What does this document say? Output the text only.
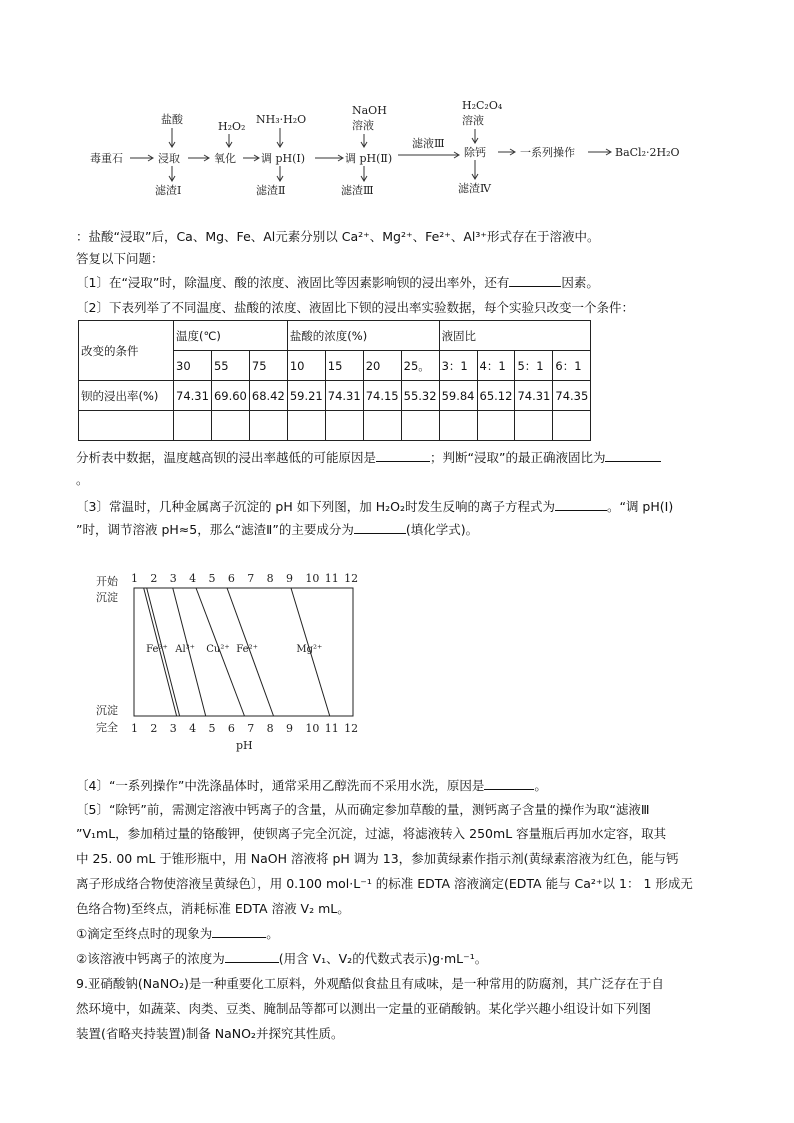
毒重石
盐酸
浸取
滤渣Ⅰ
H₂O₂
氧化
NH₃·H₂O
调 pH(Ⅰ)
滤渣Ⅱ
NaOH
溶液
调 pH(Ⅱ)
滤渣Ⅲ
滤液Ⅲ
H₂C₂O₄
溶液
除钙
滤渣Ⅳ
一系列操作	BaCl₂·2H₂O
：盐酸“浸取”后，Ca、Mg、Fe、Al元素分别以 Ca²⁺、Mg²⁺、Fe²⁺、Al³⁺形式存在于溶液中。
答复以下问题：
〔1〕在“浸取”时，除温度、酸的浓度、液固比等因素影响钡的浸出率外，还有	因素。
〔2〕下表列举了不同温度、盐酸的浓度、液固比下钡的浸出率实验数据，每个实验只改变一个条件：
改变的条件	温度(℃)			盐酸的浓度(%)				液固比			
	30	55	75	10	15	20	25。	3：1	4：1	5：1	6：1
钡的浸出率(%)	74.31	69.60	68.42	59.21	74.31	74.15	55.32	59.84	65.12	74.31	74.35

分析表中数据，温度越高钡的浸出率越低的可能原因是	；判断“浸取”的最正确液固比为
。
〔3〕常温时，几种金属离子沉淀的 pH 如下列图，加 H₂O₂时发生反响的离子方程式为	。“调 pH(Ⅰ)
”时，调节溶液 pH≈5，那么“滤渣Ⅱ”的主要成分为	(填化学式)。
开始
沉淀
沉淀
完全
1
1
2
2
3
3
4
4
5
5
6
6
7
7
8
8
9
9
10
10
11
11
12
12
Fe³⁺ Al³⁺ Cu²⁺ Fe²⁺	Mg²⁺
pH
〔4〕“一系列操作”中洗涤晶体时，通常采用乙醇洗而不采用水洗，原因是	。
〔5〕“除钙”前，需测定溶液中钙离子的含量，从而确定参加草酸的量，测钙离子含量的操作为取“滤液Ⅲ
”V₁mL，参加稍过量的铬酸钾，使钡离子完全沉淀，过滤，将滤液转入 250mL 容量瓶后再加水定容，取其
中 25. 00 mL 于锥形瓶中，用 NaOH 溶液将 pH 调为 13，参加黄绿素作指示剂(黄绿素溶液为红色，能与钙
离子形成络合物使溶液呈黄绿色〕，用 0.100 mol·L⁻¹ 的标准 EDTA 溶液滴定(EDTA 能与 Ca²⁺以 1： 1 形成无
色络合物)至终点，消耗标准 EDTA 溶液 V₂ mL。
①滴定至终点时的现象为	。
②该溶液中钙离子的浓度为	(用含 V₁、V₂的代数式表示)g·mL⁻¹。
9.亚硝酸钠(NaNO₂)是一种重要化工原料，外观酷似食盐且有咸味，是一种常用的防腐剂，其广泛存在于自
然环境中，如蔬菜、肉类、豆类、腌制品等都可以测出一定量的亚硝酸钠。某化学兴趣小组设计如下列图
装置(省略夹持装置)制备 NaNO₂并探究其性质。
